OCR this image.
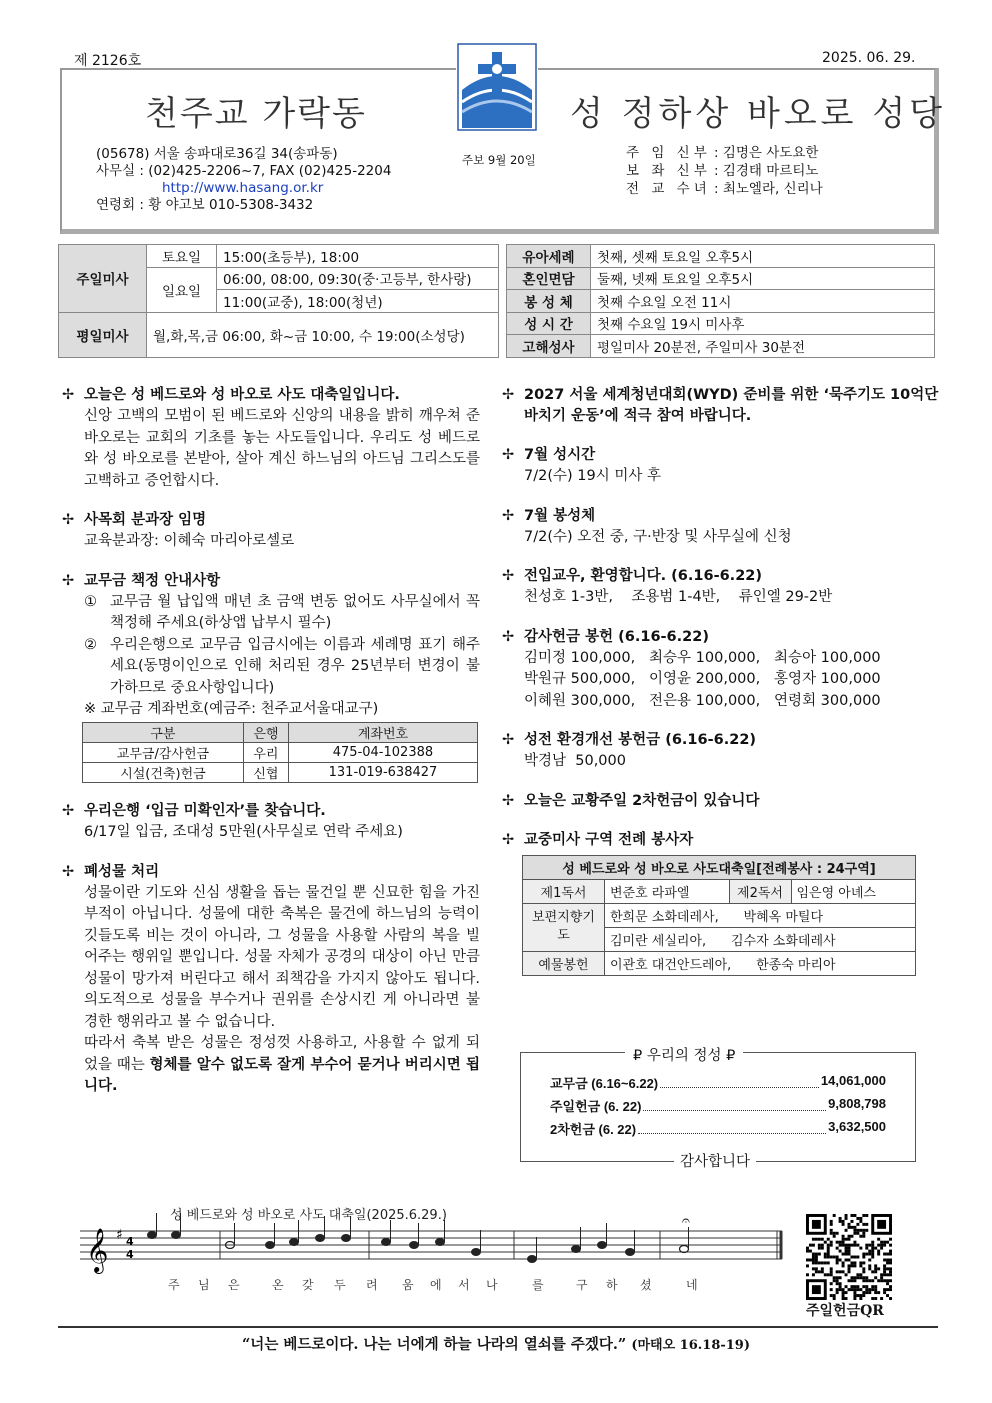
제 2126호	2025. 06. 29.
천주교 가락동	성 정하상 바오로 성당
(05678) 서울 송파대로36길 34(송파동)
사무실 : (02)425-2206~7, FAX (02)425-2204
http://www.hasang.or.kr
연령회 : 황 야고보 010-5308-3432
주보 9월 20일	주 임 신부 : 김명은 사도요한
보 좌 신부 : 김경태 마르티노
전 교 수녀 : 최노엘라, 신리나
주일미사	토요일	15:00(초등부), 18:00		유아세례	첫째, 셋째 토요일 오후5시
	일요일	06:00, 08:00, 09:30(중·고등부, 한사랑)		혼인면담	둘째, 넷째 토요일 오후5시
		11:00(교중), 18:00(청년)		봉 성 체	첫째 수요일 오전 11시
평일미사	월,화,목,금 06:00, 화~금 10:00, 수 19:00(소성당)			성 시 간	첫째 수요일 19시 미사후
				고해성사	평일미사 20분전, 주일미사 30분전
✢ 오늘은 성 베드로와 성 바오로 사도 대축일입니다.
신앙 고백의 모범이 된 베드로와 신앙의 내용을 밝히 깨우쳐 준 바오로는 교회의 기초를 놓는 사도들입니다. 우리도 성 베드로와 성 바오로를 본받아, 살아 계신 하느님의 아드님 그리스도를 고백하고 증언합시다.
✢ 사목회 분과장 임명
교육분과장: 이혜숙 마리아로셀로
✢ 교무금 책정 안내사항
① 교무금 월 납입액 매년 초 금액 변동 없어도 사무실에서 꼭 책정해 주세요(하상앱 납부시 필수)
② 우리은행으로 교무금 입금시에는 이름과 세례명 표기 해주세요(동명이인으로 인해 처리된 경우 25년부터 변경이 불가하므로 중요사항입니다)
※ 교무금 계좌번호(예금주: 천주교서울대교구)
구분	은행	계좌번호
교무금/감사헌금	우리	475-04-102388
시설(건축)헌금	신협	131-019-638427
✢ 우리은행 ‘입금 미확인자’를 찾습니다.
6/17일 입금, 조대성 5만원(사무실로 연락 주세요)
✢ 폐성물 처리
성물이란 기도와 신심 생활을 돕는 물건일 뿐 신묘한 힘을 가진 부적이 아닙니다. 성물에 대한 축복은 물건에 하느님의 능력이 깃들도록 비는 것이 아니라, 그 성물을 사용할 사람의 복을 빌어주는 행위일 뿐입니다. 성물 자체가 공경의 대상이 아닌 만큼 성물이 망가져 버린다고 해서 죄책감을 가지지 않아도 됩니다. 의도적으로 성물을 부수거나 권위를 손상시킨 게 아니라면 불경한 행위라고 볼 수 없습니다.
따라서 축복 받은 성물은 정성껏 사용하고, 사용할 수 없게 되었을 때는 형체를 알수 없도록 잘게 부수어 묻거나 버리시면 됩니다.
✢ 2027 서울 세계청년대회(WYD) 준비를 위한 ‘묵주기도 10억단 바치기 운동’에 적극 참여 바랍니다.
✢ 7월 성시간
7/2(수) 19시 미사 후
✢ 7월 봉성체
7/2(수) 오전 중, 구·반장 및 사무실에 신청
✢ 전입교우, 환영합니다. (6.16-6.22)
천성호 1-3반,    조용범 1-4반,    류인엘 29-2반
✢ 감사헌금 봉헌 (6.16-6.22)
김미정 100,000,   최승우 100,000,   최승아 100,000
박원규 500,000,   이영윤 200,000,   홍영자 100,000
이혜원 300,000,   전은용 100,000,   연령회 300,000
✢ 성전 환경개선 봉헌금 (6.16-6.22)
박경남  50,000
✢ 오늘은 교황주일 2차헌금이 있습니다
✢ 교중미사 구역 전례 봉사자
성 베드로와 성 바오로 사도대축일[전례봉사 : 24구역]			
제1독서	변준호 라파엘	제2독서	임은영 아녜스
보편지향기도	한희문 소화데레사,      박혜옥 마틸다		
	김미란 세실리아,      김수자 소화데레사		
예물봉헌	이관호 대건안드레아,      한종숙 마리아		
₽ 우리의 정성 ₽
교무금 (6.16~6.22)	14,061,000
주일헌금 (6. 22)	9,808,798
2차헌금 (6. 22)	3,632,500
감사합니다
성 베드로와 성 바오로 사도 대축일(2025.6.29.)
𝄞 ♯ 4
4
주 님 은	온 갖 두 려 움 에 서 나	를	구 하 셨	네
𝄐
주일헌금QR
“너는 베드로이다. 나는 너에게 하늘 나라의 열쇠를 주겠다.” (마태오 16.18-19)
